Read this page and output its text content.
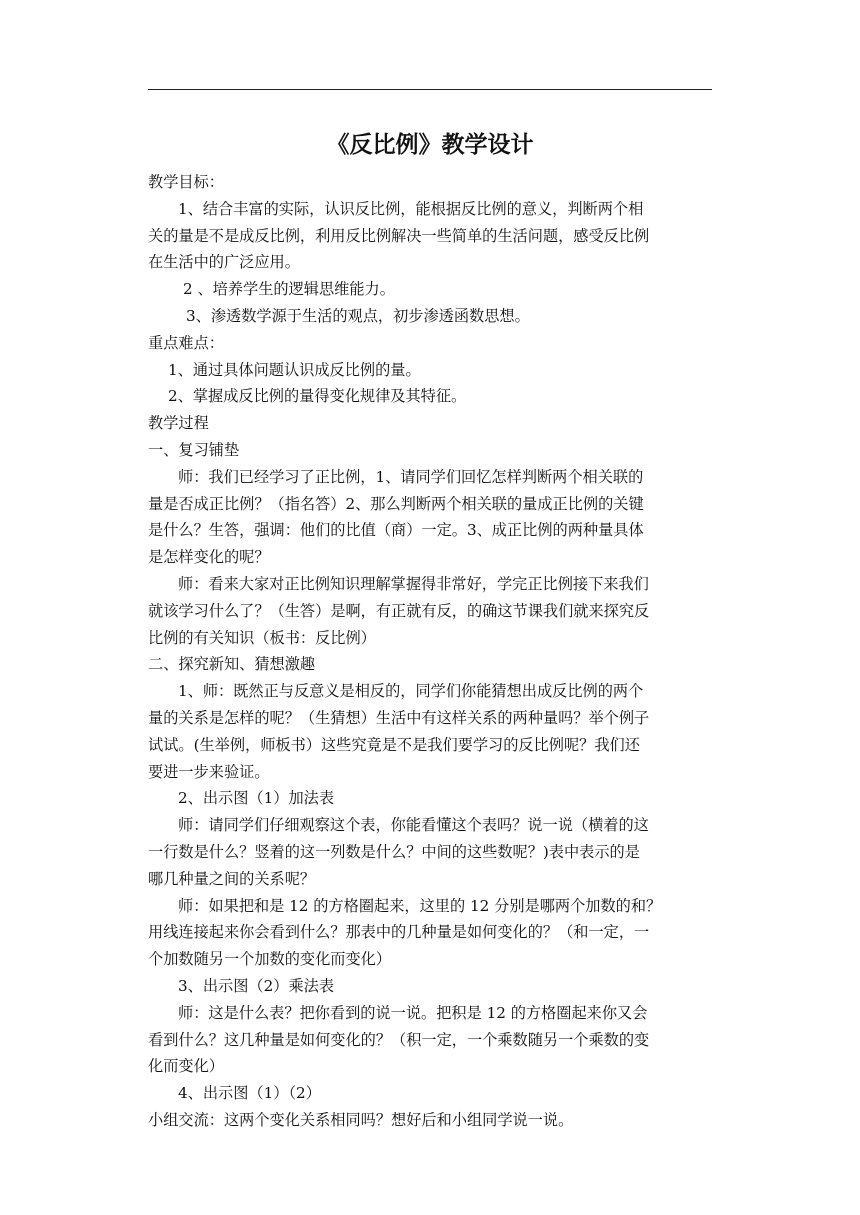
《反比例》教学设计

教学目标：

1、结合丰富的实际，认识反比例，能根据反比例的意义，判断两个相

关的量是不是成反比例，利用反比例解决一些简单的生活问题，感受反比例

在生活中的广泛应用。

2 、培养学生的逻辑思维能力。

3、渗透数学源于生活的观点，初步渗透函数思想。

重点难点：

1、通过具体问题认识成反比例的量。

2、掌握成反比例的量得变化规律及其特征。

教学过程

一、复习铺垫

师：我们已经学习了正比例，1、请同学们回忆怎样判断两个相关联的

量是否成正比例？（指名答）2、那么判断两个相关联的量成正比例的关键

是什么？生答，强调：他们的比值（商）一定。3、成正比例的两种量具体

是怎样变化的呢？

师：看来大家对正比例知识理解掌握得非常好，学完正比例接下来我们

就该学习什么了？（生答）是啊，有正就有反，的确这节课我们就来探究反

比例的有关知识（板书：反比例）

二、探究新知、猜想激趣

1、师：既然正与反意义是相反的，同学们你能猜想出成反比例的两个

量的关系是怎样的呢？（生猜想）生活中有这样关系的两种量吗？举个例子

试试。(生举例，师板书）这些究竟是不是我们要学习的反比例呢？我们还

要进一步来验证。

2、出示图（1）加法表

师：请同学们仔细观察这个表，你能看懂这个表吗？说一说（横着的这

一行数是什么？竖着的这一列数是什么？中间的这些数呢？)表中表示的是

哪几种量之间的关系呢？

师：如果把和是 12 的方格圈起来，这里的 12 分别是哪两个加数的和？

用线连接起来你会看到什么？那表中的几种量是如何变化的？（和一定，一

个加数随另一个加数的变化而变化）

3、出示图（2）乘法表

师：这是什么表？把你看到的说一说。把积是 12 的方格圈起来你又会

看到什么？这几种量是如何变化的？（积一定，一个乘数随另一个乘数的变

化而变化）

4、出示图（1）（2）

小组交流：这两个变化关系相同吗？想好后和小组同学说一说。
